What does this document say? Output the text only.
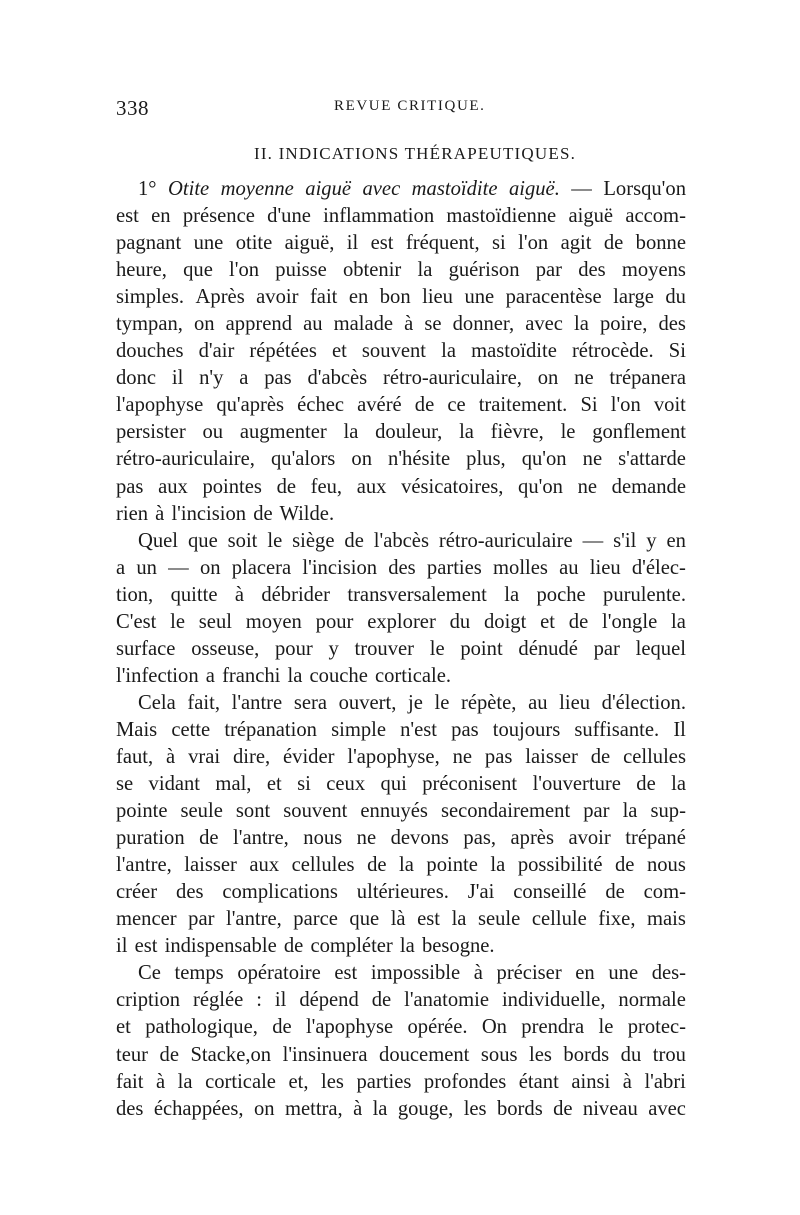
338	REVUE CRITIQUE.
II. INDICATIONS THÉRAPEUTIQUES.
1° Otite moyenne aiguë avec mastoïdite aiguë. — Lorsqu'on
est en présence d'une inflammation mastoïdienne aiguë accom-
pagnant une otite aiguë, il est fréquent, si l'on agit de bonne
heure, que l'on puisse obtenir la guérison par des moyens
simples. Après avoir fait en bon lieu une paracentèse large du
tympan, on apprend au malade à se donner, avec la poire, des
douches d'air répétées et souvent la mastoïdite rétrocède. Si
donc il n'y a pas d'abcès rétro-auriculaire, on ne trépanera
l'apophyse qu'après échec avéré de ce traitement. Si l'on voit
persister ou augmenter la douleur, la fièvre, le gonflement
rétro-auriculaire, qu'alors on n'hésite plus, qu'on ne s'attarde
pas aux pointes de feu, aux vésicatoires, qu'on ne demande
rien à l'incision de Wilde.
Quel que soit le siège de l'abcès rétro-auriculaire — s'il y en
a un — on placera l'incision des parties molles au lieu d'élec-
tion, quitte à débrider transversalement la poche purulente.
C'est le seul moyen pour explorer du doigt et de l'ongle la
surface osseuse, pour y trouver le point dénudé par lequel
l'infection a franchi la couche corticale.
Cela fait, l'antre sera ouvert, je le répète, au lieu d'élection.
Mais cette trépanation simple n'est pas toujours suffisante. Il
faut, à vrai dire, évider l'apophyse, ne pas laisser de cellules
se vidant mal, et si ceux qui préconisent l'ouverture de la
pointe seule sont souvent ennuyés secondairement par la sup-
puration de l'antre, nous ne devons pas, après avoir trépané
l'antre, laisser aux cellules de la pointe la possibilité de nous
créer des complications ultérieures. J'ai conseillé de com-
mencer par l'antre, parce que là est la seule cellule fixe, mais
il est indispensable de compléter la besogne.
Ce temps opératoire est impossible à préciser en une des-
cription réglée : il dépend de l'anatomie individuelle, normale
et pathologique, de l'apophyse opérée. On prendra le protec-
teur de Stacke,on l'insinuera doucement sous les bords du trou
fait à la corticale et, les parties profondes étant ainsi à l'abri
des échappées, on mettra, à la gouge, les bords de niveau avec
